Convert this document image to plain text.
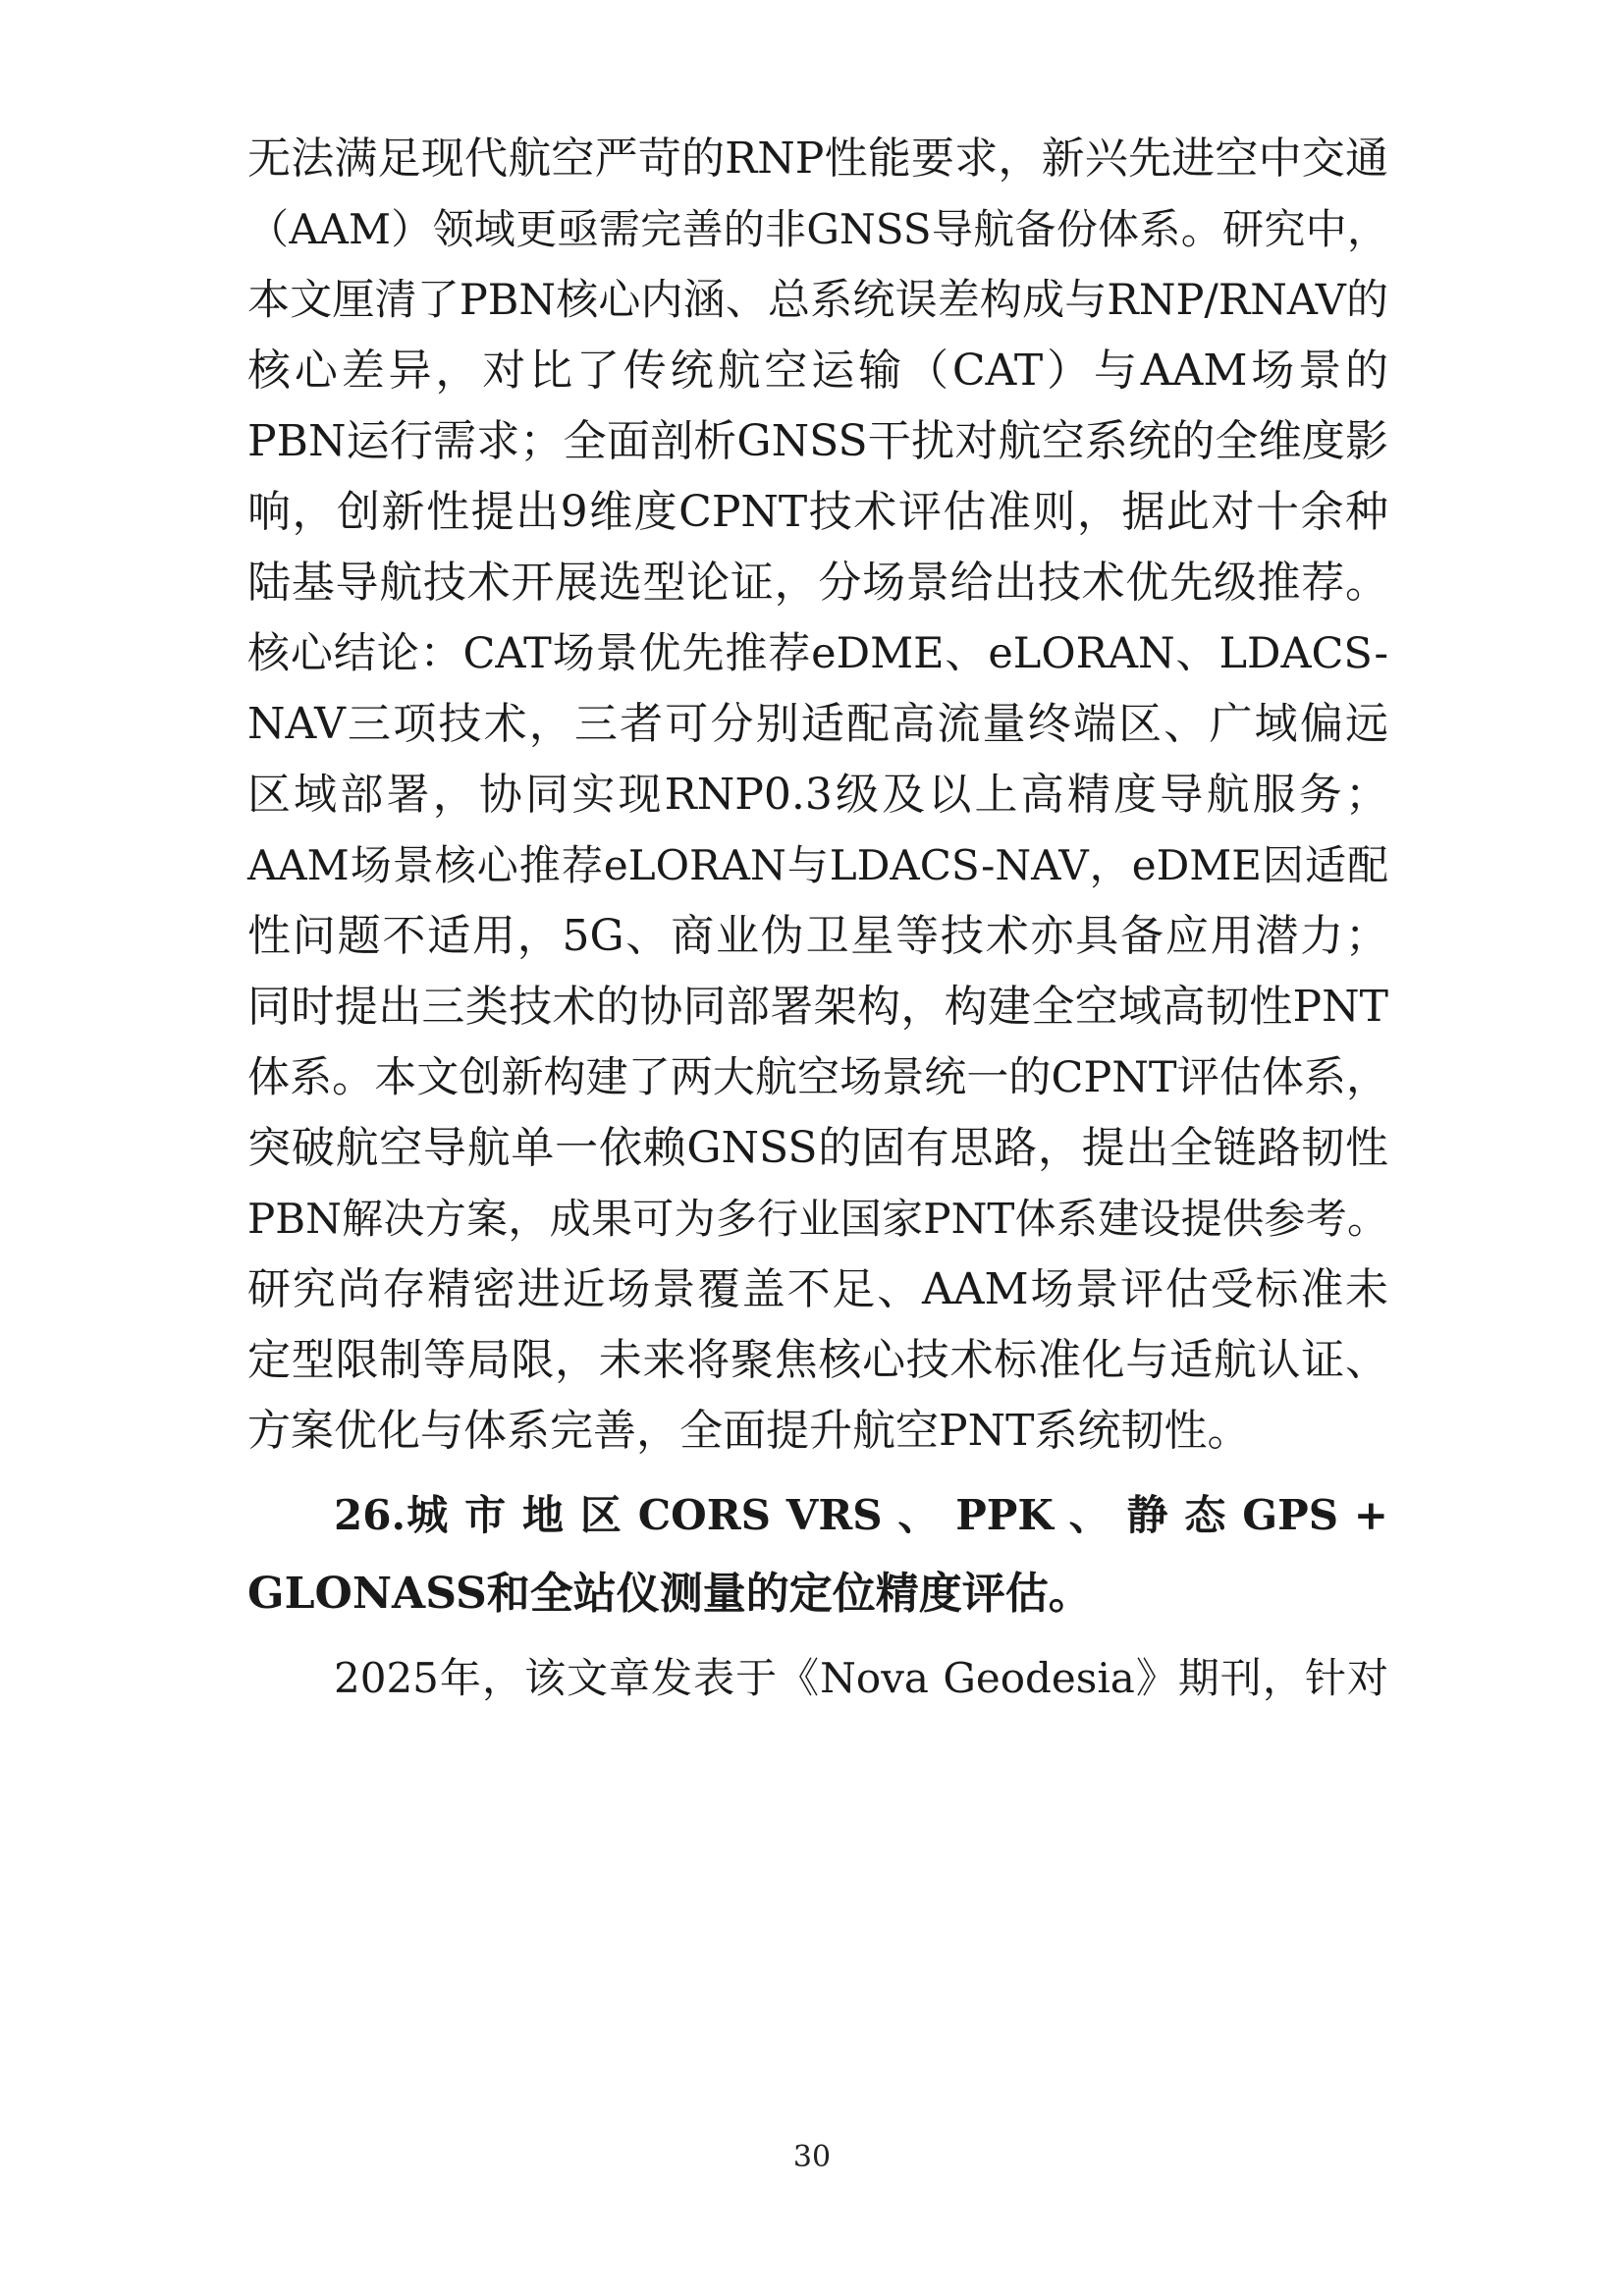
无法满足现代航空严苛的RNP性能要求，新兴先进空中交通
（AAM）领域更亟需完善的非GNSS导航备份体系。研究中，
本文厘清了PBN核心内涵、总系统误差构成与RNP/RNAV的
核心差异，对比了传统航空运输（CAT）与AAM场景的
PBN运行需求；全面剖析GNSS干扰对航空系统的全维度影
响，创新性提出9维度CPNT技术评估准则，据此对十余种
陆基导航技术开展选型论证，分场景给出技术优先级推荐。
核心结论：CAT场景优先推荐eDME、eLORAN、LDACS-
NAV三项技术，三者可分别适配高流量终端区、广域偏远
区域部署，协同实现RNP0.3级及以上高精度导航服务；
AAM场景核心推荐eLORAN与LDACS-NAV，eDME因适配
性问题不适用，5G、商业伪卫星等技术亦具备应用潜力；
同时提出三类技术的协同部署架构，构建全空域高韧性PNT
体系。本文创新构建了两大航空场景统一的CPNT评估体系，
突破航空导航单一依赖GNSS的固有思路，提出全链路韧性
PBN解决方案，成果可为多行业国家PNT体系建设提供参考。
研究尚存精密进近场景覆盖不足、AAM场景评估受标准未
定型限制等局限，未来将聚焦核心技术标准化与适航认证、
方案优化与体系完善，全面提升航空PNT系统韧性。
26.城 市 地 区 CORS VRS 、 PPK 、 静 态 GPS +
GLONASS和全站仪测量的定位精度评估。
2025年，该文章发表于《Nova Geodesia》期刊，针对
30
